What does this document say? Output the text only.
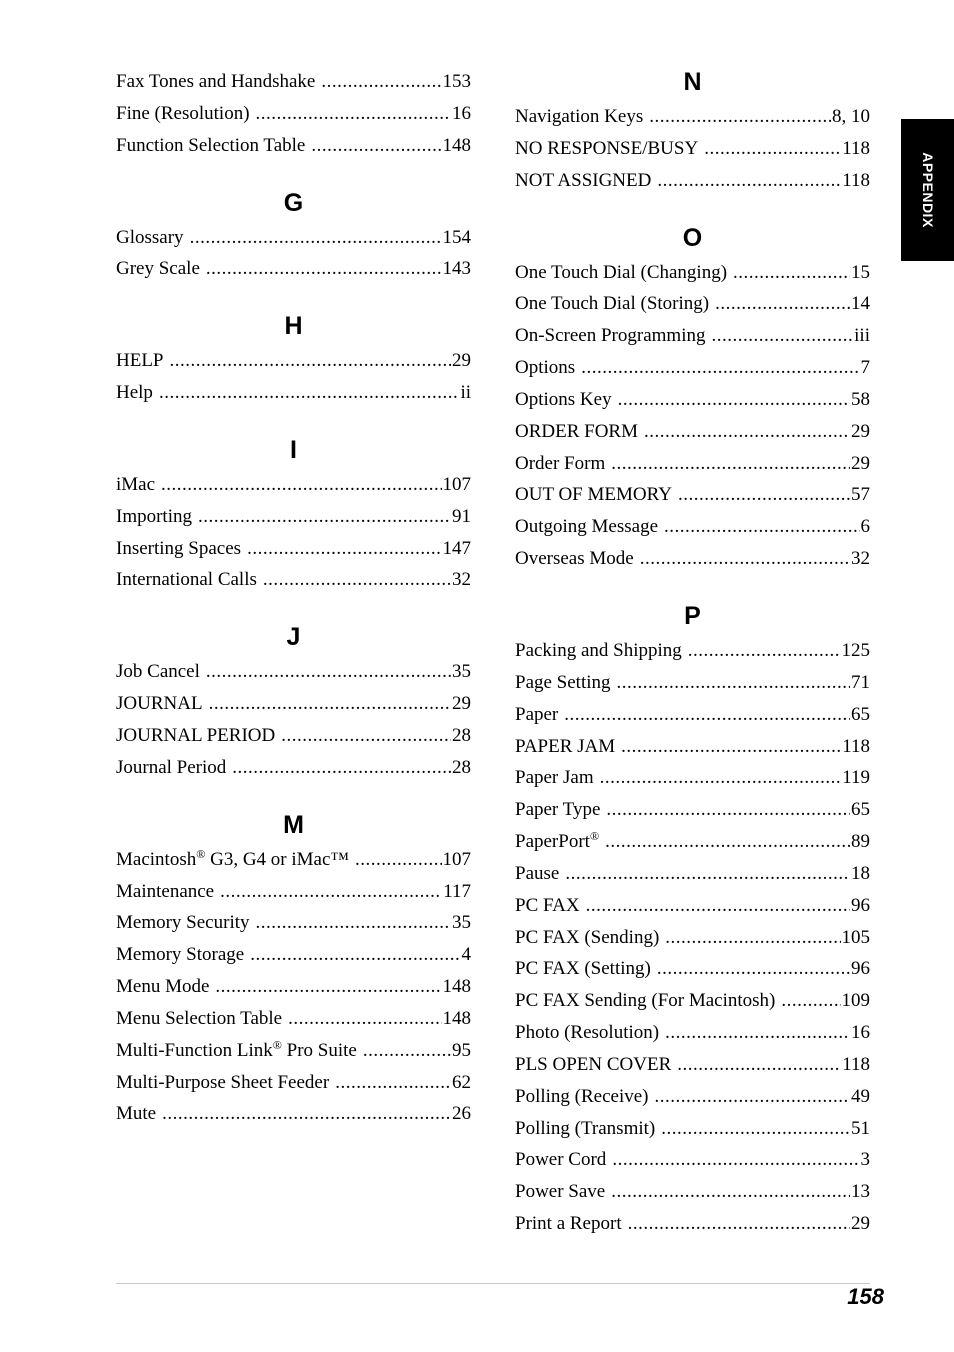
Fax Tones and Handshake .....	153
Fine (Resolution) .....	16
Function Selection Table .....	148
G
Glossary .....	154
Grey Scale .....	143
H
HELP .....	29
Help .....	ii
I
iMac .....	107
Importing .....	91
Inserting Spaces .....	147
International Calls .....	32
J
Job Cancel .....	35
JOURNAL .....	29
JOURNAL PERIOD .....	28
Journal Period .....	28
M
Macintosh® G3, G4 or iMac™ .....	107
Maintenance .....	117
Memory Security .....	35
Memory Storage .....	4
Menu Mode .....	148
Menu Selection Table .....	148
Multi-Function Link® Pro Suite .....	95
Multi-Purpose Sheet Feeder .....	62
Mute .....	26
N
Navigation Keys .....	8, 10
NO RESPONSE/BUSY .....	118
NOT ASSIGNED .....	118
O
One Touch Dial (Changing) .....	15
One Touch Dial (Storing) .....	14
On-Screen Programming .....	iii
Options .....	7
Options Key .....	58
ORDER FORM .....	29
Order Form .....	29
OUT OF MEMORY .....	57
Outgoing Message .....	6
Overseas Mode .....	32
P
Packing and Shipping .....	125
Page Setting .....	71
Paper .....	65
PAPER JAM .....	118
Paper Jam .....	119
Paper Type .....	65
PaperPort® .....	89
Pause .....	18
PC FAX .....	96
PC FAX (Sending) .....	105
PC FAX (Setting) .....	96
PC FAX Sending (For Macintosh) .....	109
Photo (Resolution) .....	16
PLS OPEN COVER .....	118
Polling (Receive) .....	49
Polling (Transmit) .....	51
Power Cord .....	3
Power Save .....	13
Print a Report .....	29
APPENDIX
158
